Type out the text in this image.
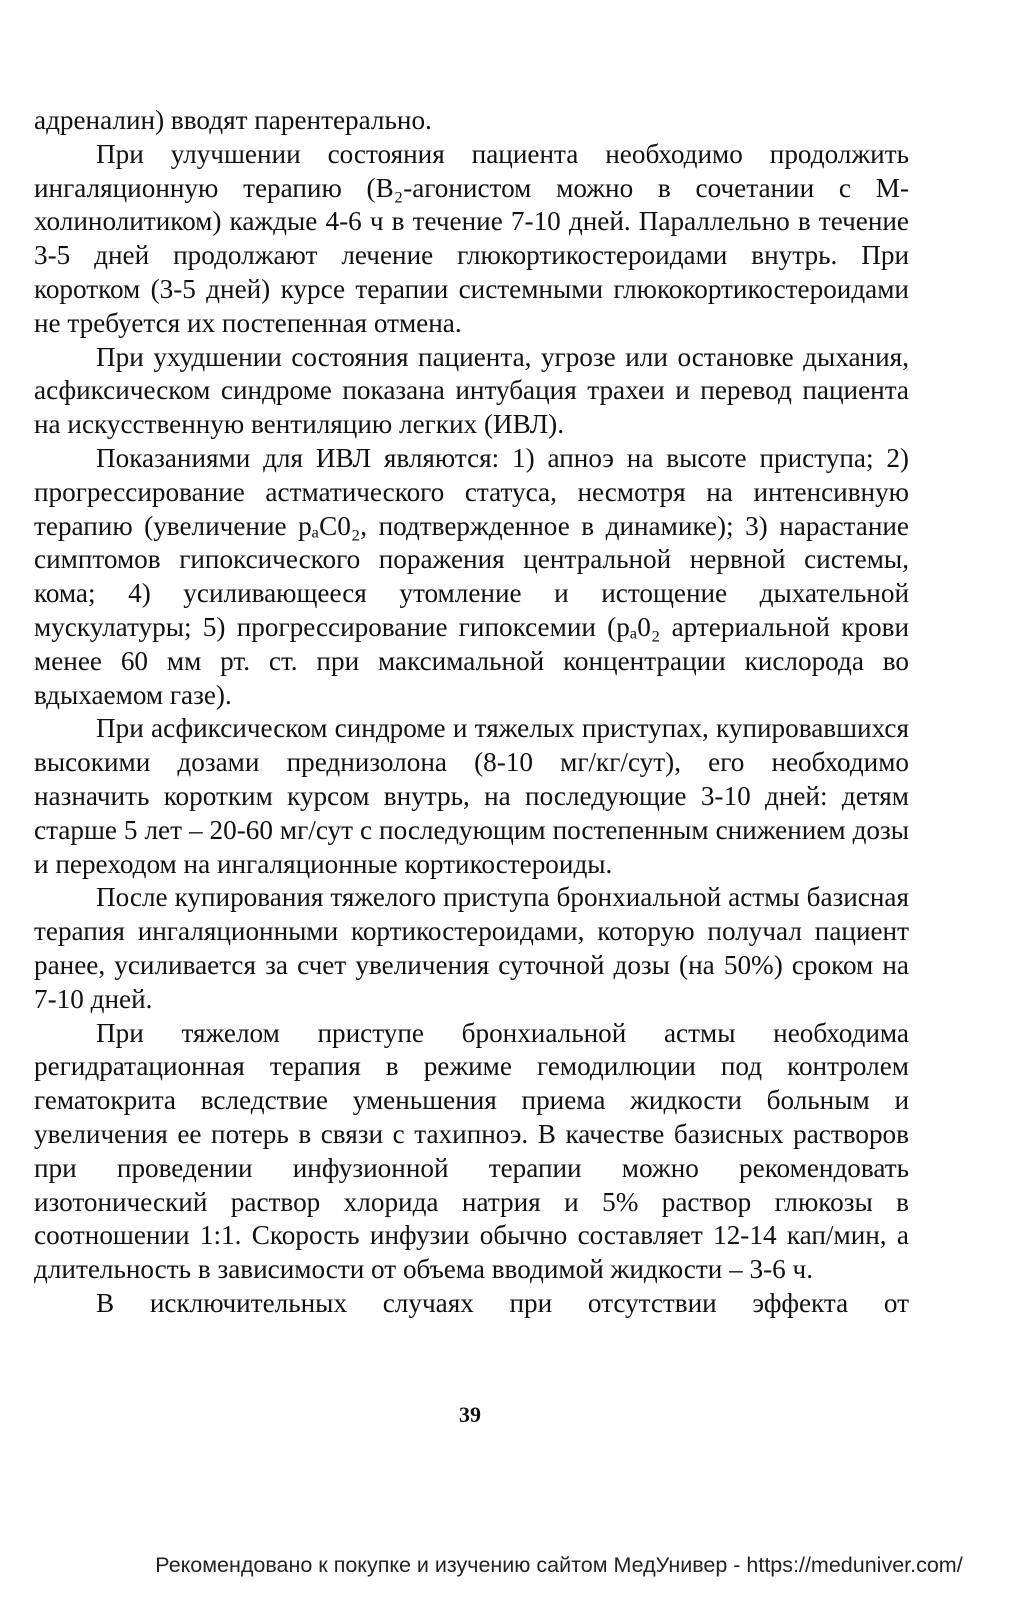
адреналин) вводят парентерально.

При улучшении состояния пациента необходимо продолжить ингаляционную терапию (В₂-агонистом можно в сочетании с М-холинолитиком) каждые 4-6 ч в течение 7-10 дней. Параллельно в течение 3-5 дней продолжают лечение глюкортикостероидами внутрь. При коротком (3-5 дней) курсе терапии системными глюкокортикостероидами не требуется их постепенная отмена.

При ухудшении состояния пациента, угрозе или остановке дыхания, асфиксическом синдроме показана интубация трахеи и перевод пациента на искусственную вентиляцию легких (ИВЛ).

Показаниями для ИВЛ являются: 1) апноэ на высоте приступа; 2) прогрессирование астматического статуса, несмотря на интенсивную терапию (увеличение pₐC0₂, подтвержденное в динамике); 3) нарастание симптомов гипоксического поражения центральной нервной системы, кома; 4) усиливающееся утомление и истощение дыхательной мускулатуры; 5) прогрессирование гипоксемии (pₐ0₂ артериальной крови менее 60 мм рт. ст. при максимальной концентрации кислорода во вдыхаемом газе).

При асфиксическом синдроме и тяжелых приступах, купировавшихся высокими дозами преднизолона (8-10 мг/кг/сут), его необходимо назначить коротким курсом внутрь, на последующие 3-10 дней: детям старше 5 лет – 20-60 мг/сут с последующим постепенным снижением дозы и переходом на ингаляционные кортикостероиды.

После купирования тяжелого приступа бронхиальной астмы базисная терапия ингаляционными кортикостероидами, которую получал пациент ранее, усиливается за счет увеличения суточной дозы (на 50%) сроком на 7-10 дней.

При тяжелом приступе бронхиальной астмы необходима регидратационная терапия в режиме гемодилюции под контролем гематокрита вследствие уменьшения приема жидкости больным и увеличения ее потерь в связи с тахипноэ. В качестве базисных растворов при проведении инфузионной терапии можно рекомендовать изотонический раствор хлорида натрия и 5% раствор глюкозы в соотношении 1:1. Скорость инфузии обычно составляет 12-14 кап/мин, а длительность в зависимости от объема вводимой жидкости – 3-6 ч.

В исключительных случаях при отсутствии эффекта от

39
Рекомендовано к покупке и изучению сайтом МедУнивер - https://meduniver.com/
